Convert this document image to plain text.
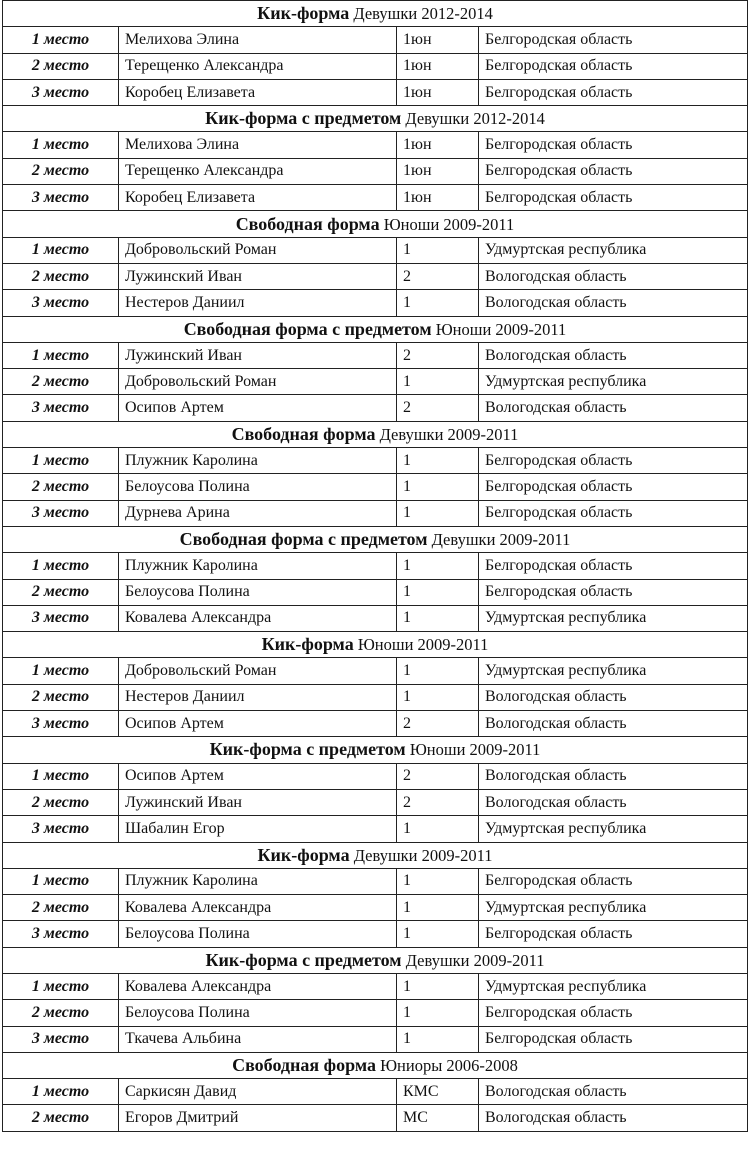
Кик-форма Девушки 2012-2014			
1 место	Мелихова Элина	1юн	Белгородская область
2 место	Терещенко Александра	1юн	Белгородская область
3 место	Коробец Елизавета	1юн	Белгородская область
Кик-форма с предметом Девушки 2012-2014			
1 место	Мелихова Элина	1юн	Белгородская область
2 место	Терещенко Александра	1юн	Белгородская область
3 место	Коробец Елизавета	1юн	Белгородская область
Свободная форма Юноши 2009-2011			
1 место	Добровольский Роман	1	Удмуртская республика
2 место	Лужинский Иван	2	Вологодская область
3 место	Нестеров Даниил	1	Вологодская область
Свободная форма с предметом Юноши 2009-2011			
1 место	Лужинский Иван	2	Вологодская область
2 место	Добровольский Роман	1	Удмуртская республика
3 место	Осипов Артем	2	Вологодская область
Свободная форма Девушки 2009-2011			
1 место	Плужник Каролина	1	Белгородская область
2 место	Белоусова Полина	1	Белгородская область
3 место	Дурнева Арина	1	Белгородская область
Свободная форма с предметом Девушки 2009-2011			
1 место	Плужник Каролина	1	Белгородская область
2 место	Белоусова Полина	1	Белгородская область
3 место	Ковалева Александра	1	Удмуртская республика
Кик-форма Юноши 2009-2011			
1 место	Добровольский Роман	1	Удмуртская республика
2 место	Нестеров Даниил	1	Вологодская область
3 место	Осипов Артем	2	Вологодская область
Кик-форма с предметом Юноши 2009-2011			
1 место	Осипов Артем	2	Вологодская область
2 место	Лужинский Иван	2	Вологодская область
3 место	Шабалин Егор	1	Удмуртская республика
Кик-форма Девушки 2009-2011			
1 место	Плужник Каролина	1	Белгородская область
2 место	Ковалева Александра	1	Удмуртская республика
3 место	Белоусова Полина	1	Белгородская область
Кик-форма с предметом Девушки 2009-2011			
1 место	Ковалева Александра	1	Удмуртская республика
2 место	Белоусова Полина	1	Белгородская область
3 место	Ткачева Альбина	1	Белгородская область
Свободная форма Юниоры 2006-2008			
1 место	Саркисян Давид	КМС	Вологодская область
2 место	Егоров Дмитрий	МС	Вологодская область
